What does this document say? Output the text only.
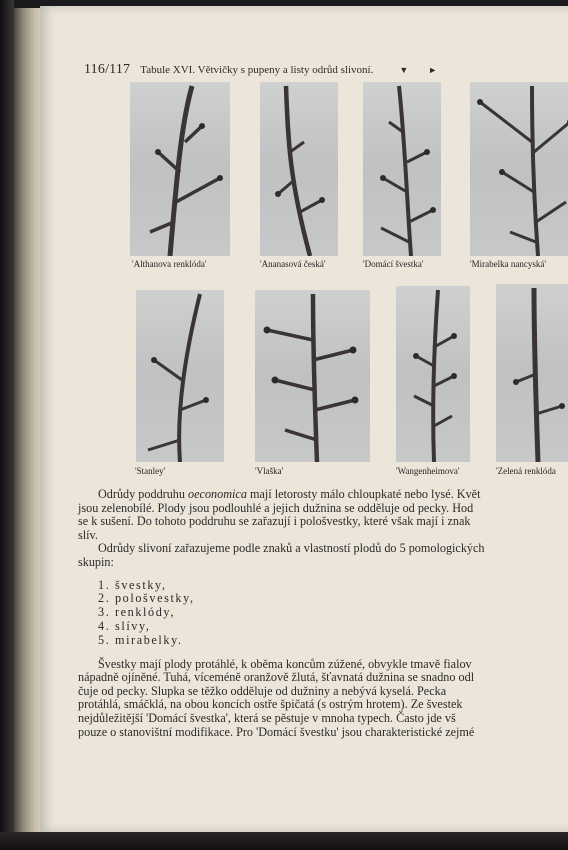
116/117 Tabule XVI. Větvičky s pupeny a listy odrůd slivoní.	▼ ►
'Althanova renklóda'	'Ananasová česká'	'Domácí švestka'	'Mirabelka nancyská'
'Stanley'	'Vlaška'	'Wangenheimova'	'Zelená renklóda

Odrůdy poddruhu oeconomica mají letorosty málo chloupkaté nebo lysé. Květ

jsou zelenobílé. Plody jsou podlouhlé a jejich dužnina se odděluje od pecky. Hod

se k sušení. Do tohoto poddruhu se zařazují i pološvestky, které však mají i znak

slív.

Odrůdy slivoní zařazujeme podle znaků a vlastností plodů do 5 pomologických

skupin:

1. švestky,
2. pološvestky,
3. renklódy,
4. slívy,
5. mirabelky.

Švestky mají plody protáhlé, k oběma koncům zúžené, obvykle tmavě fialov

nápadně ojíněné. Tuhá, víceméně oranžově žlutá, šťavnatá dužnina se snadno odl

čuje od pecky. Slupka se těžko odděluje od dužniny a nebývá kyselá. Pecka

protáhlá, smáčklá, na obou koncích ostře špičatá (s ostrým hrotem). Ze švestek

nejdůležitější 'Domácí švestka', která se pěstuje v mnoha typech. Často jde vš

pouze o stanovištní modifikace. Pro 'Domácí švestku' jsou charakteristické zejmé
